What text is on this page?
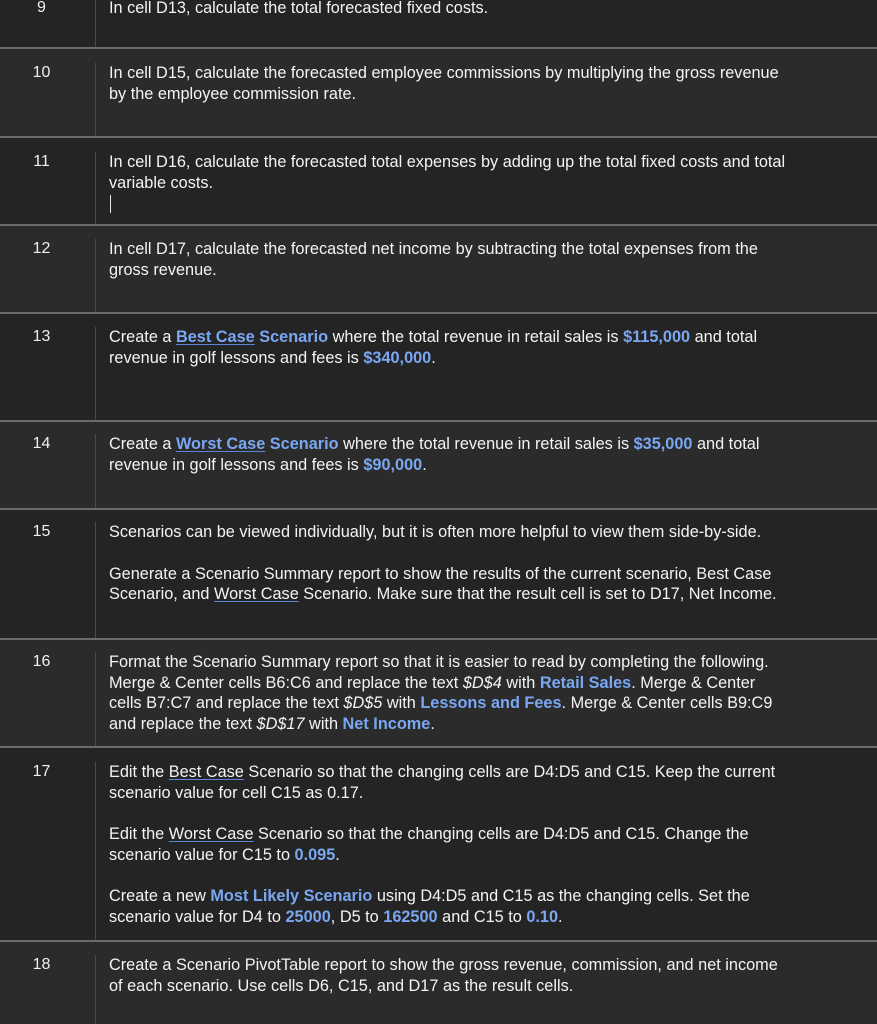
9	In cell D13, calculate the total forecasted fixed costs.

10	In cell D15, calculate the forecasted employee commissions by multiplying the gross revenue
by the employee commission rate.
11	In cell D16, calculate the forecasted total expenses by adding up the total fixed costs and total
variable costs.
12	In cell D17, calculate the forecasted net income by subtracting the total expenses from the
gross revenue.
13	Create a Best Case Scenario where the total revenue in retail sales is $115,000 and total
revenue in golf lessons and fees is $340,000.
14	Create a Worst Case Scenario where the total revenue in retail sales is $35,000 and total
revenue in golf lessons and fees is $90,000.
15	Scenarios can be viewed individually, but it is often more helpful to view them side-by-side.

Generate a Scenario Summary report to show the results of the current scenario, Best Case
Scenario, and Worst Case Scenario. Make sure that the result cell is set to D17, Net Income.

16	Format the Scenario Summary report so that it is easier to read by completing the following.
Merge & Center cells B6:C6 and replace the text $D$4 with Retail Sales. Merge & Center
cells B7:C7 and replace the text $D$5 with Lessons and Fees. Merge & Center cells B9:C9
and replace the text $D$17 with Net Income.
17	Edit the Best Case Scenario so that the changing cells are D4:D5 and C15. Keep the current
scenario value for cell C15 as 0.17.

Edit the Worst Case Scenario so that the changing cells are D4:D5 and C15. Change the
scenario value for C15 to 0.095.

Create a new Most Likely Scenario using D4:D5 and C15 as the changing cells. Set the
scenario value for D4 to 25000, D5 to 162500 and C15 to 0.10.

18	Create a Scenario PivotTable report to show the gross revenue, commission, and net income
of each scenario. Use cells D6, C15, and D17 as the result cells.
